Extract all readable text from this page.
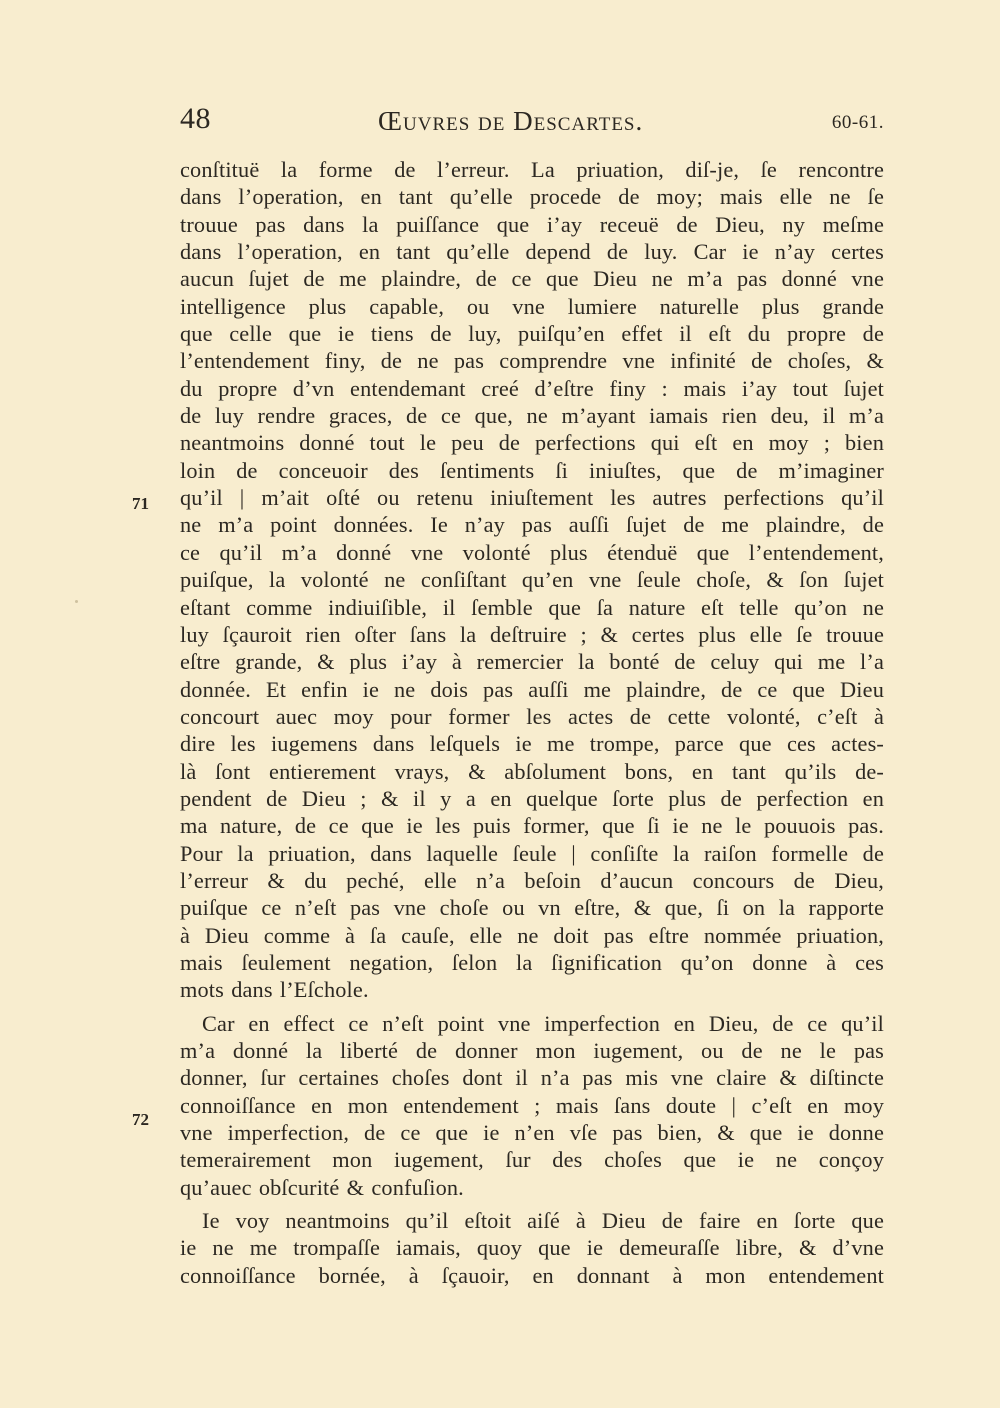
48	Œuvres de Descartes.	60-61.
71
72
conſtituë la forme de l’erreur. La priuation, diſ-je, ſe rencontre
dans l’operation, en tant qu’elle procede de moy; mais elle ne ſe
trouue pas dans la puiſſance que i’ay receuë de Dieu, ny meſme
dans l’operation, en tant qu’elle depend de luy. Car ie n’ay certes
aucun ſujet de me plaindre, de ce que Dieu ne m’a pas donné vne
intelligence plus capable, ou vne lumiere naturelle plus grande
que celle que ie tiens de luy, puiſqu’en effet il eſt du propre de
l’entendement finy, de ne pas comprendre vne infinité de choſes, &
du propre d’vn entendemant creé d’eſtre finy : mais i’ay tout ſujet
de luy rendre graces, de ce que, ne m’ayant iamais rien deu, il m’a
neantmoins donné tout le peu de perfections qui eſt en moy ; bien
loin de conceuoir des ſentiments ſi iniuſtes, que de m’imaginer
qu’il | m’ait oſté ou retenu iniuſtement les autres perfections qu’il
ne m’a point données. Ie n’ay pas auſſi ſujet de me plaindre, de
ce qu’il m’a donné vne volonté plus étenduë que l’entendement,
puiſque, la volonté ne conſiſtant qu’en vne ſeule choſe, & ſon ſujet
eſtant comme indiuiſible, il ſemble que ſa nature eſt telle qu’on ne
luy ſçauroit rien oſter ſans la deſtruire ; & certes plus elle ſe trouue
eſtre grande, & plus i’ay à remercier la bonté de celuy qui me l’a
donnée. Et enfin ie ne dois pas auſſi me plaindre, de ce que Dieu
concourt auec moy pour former les actes de cette volonté, c’eſt à
dire les iugemens dans leſquels ie me trompe, parce que ces actes-
là ſont entierement vrays, & abſolument bons, en tant qu’ils de-
pendent de Dieu ; & il y a en quelque ſorte plus de perfection en
ma nature, de ce que ie les puis former, que ſi ie ne le pouuois pas.
Pour la priuation, dans laquelle ſeule | conſiſte la raiſon formelle de
l’erreur & du peché, elle n’a beſoin d’aucun concours de Dieu,
puiſque ce n’eſt pas vne choſe ou vn eſtre, & que, ſi on la rapporte
à Dieu comme à ſa cauſe, elle ne doit pas eſtre nommée priuation,
mais ſeulement negation, ſelon la ſignification qu’on donne à ces
mots dans l’Eſchole.
Car en effect ce n’eſt point vne imperfection en Dieu, de ce qu’il
m’a donné la liberté de donner mon iugement, ou de ne le pas
donner, ſur certaines choſes dont il n’a pas mis vne claire & diſtincte
connoiſſance en mon entendement ; mais ſans doute | c’eſt en moy
vne imperfection, de ce que ie n’en vſe pas bien, & que ie donne
temerairement mon iugement, ſur des choſes que ie ne conçoy
qu’auec obſcurité & confuſion.
Ie voy neantmoins qu’il eſtoit aiſé à Dieu de faire en ſorte que
ie ne me trompaſſe iamais, quoy que ie demeuraſſe libre, & d’vne
connoiſſance bornée, à ſçauoir, en donnant à mon entendement
